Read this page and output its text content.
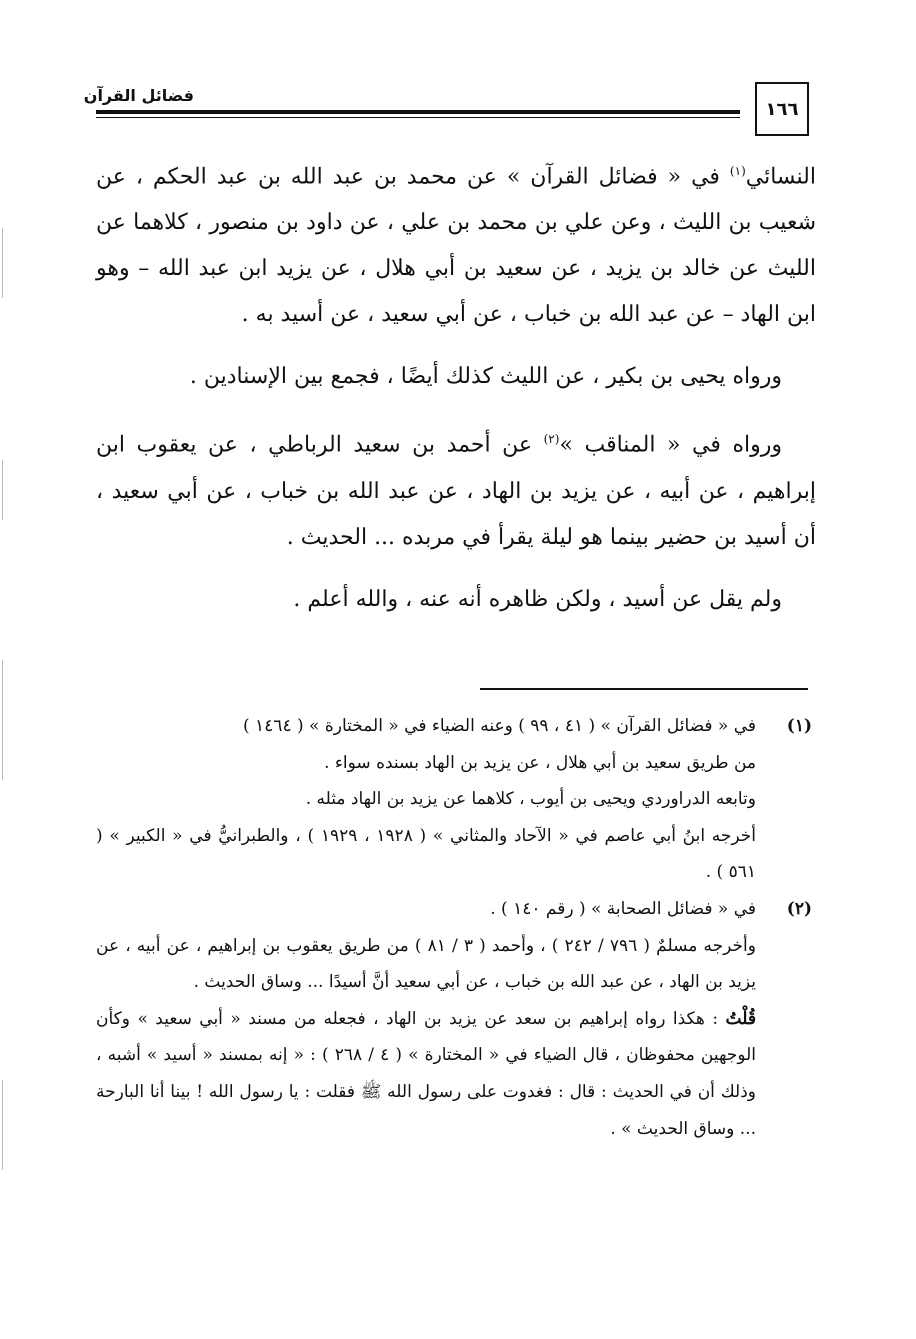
فضائل القرآن
١٦٦

النسائي$^{(١)}$ في « فضائل القرآن » عن محمد بن عبد الله بن عبد الحكم ، عن شعيب بن الليث ، وعن علي بن محمد بن علي ، عن داود بن منصور ، كلاهما عن الليث عن خالد بن يزيد ، عن سعيد بن أبي هلال ، عن يزيد ابن عبد الله – وهو ابن الهاد – عن عبد الله بن خباب ، عن أبي سعيد ، عن أسيد به .

ورواه يحيى بن بكير ، عن الليث كذلك أيضًا ، فجمع بين الإسنادين .

ورواه في « المناقب »$^{(٢)}$ عن أحمد بن سعيد الرباطي ، عن يعقوب ابن إبراهيم ، عن أبيه ، عن يزيد بن الهاد ، عن عبد الله بن خباب ، عن أبي سعيد ، أن أسيد بن حضير بينما هو ليلة يقرأ في مربده ... الحديث .

ولم يقل عن أسيد ، ولكن ظاهره أنه عنه ، والله أعلم .

(١)

في « فضائل القرآن » ( ٤١ ، ٩٩ ) وعنه الضياء في « المختارة » ( ١٤٦٤ )

من طريق سعيد بن أبي هلال ، عن يزيد بن الهاد بسنده سواء .

وتابعه الدراوردي ويحيى بن أيوب ، كلاهما عن يزيد بن الهاد مثله .

أخرجه ابنُ أبي عاصم في « الآحاد والمثاني » ( ١٩٢٨ ، ١٩٢٩ ) ، والطبرانيُّ في « الكبير » ( ٥٦١ ) .

(٢)

في « فضائل الصحابة » ( رقم ١٤٠ ) .

وأخرجه مسلمٌ ( ٧٩٦ / ٢٤٢ ) ، وأحمد ( ٣ / ٨١ ) من طريق يعقوب بن إبراهيم ، عن أبيه ، عن يزيد بن الهاد ، عن عبد الله بن خباب ، عن أبي سعيد أنَّ أسيدًا ... وساق الحديث .

قُلْتُ : هكذا رواه إبراهيم بن سعد عن يزيد بن الهاد ، فجعله من مسند « أبي سعيد » وكأن الوجهين محفوظان ، قال الضياء في « المختارة » ( ٤ / ٢٦٨ ) : « إنه بمسند « أسيد » أشبه ، وذلك أن في الحديث : قال : فغدوت على رسول الله ﷺ فقلت : يا رسول الله ! بينا أنا البارحة ... وساق الحديث » .
